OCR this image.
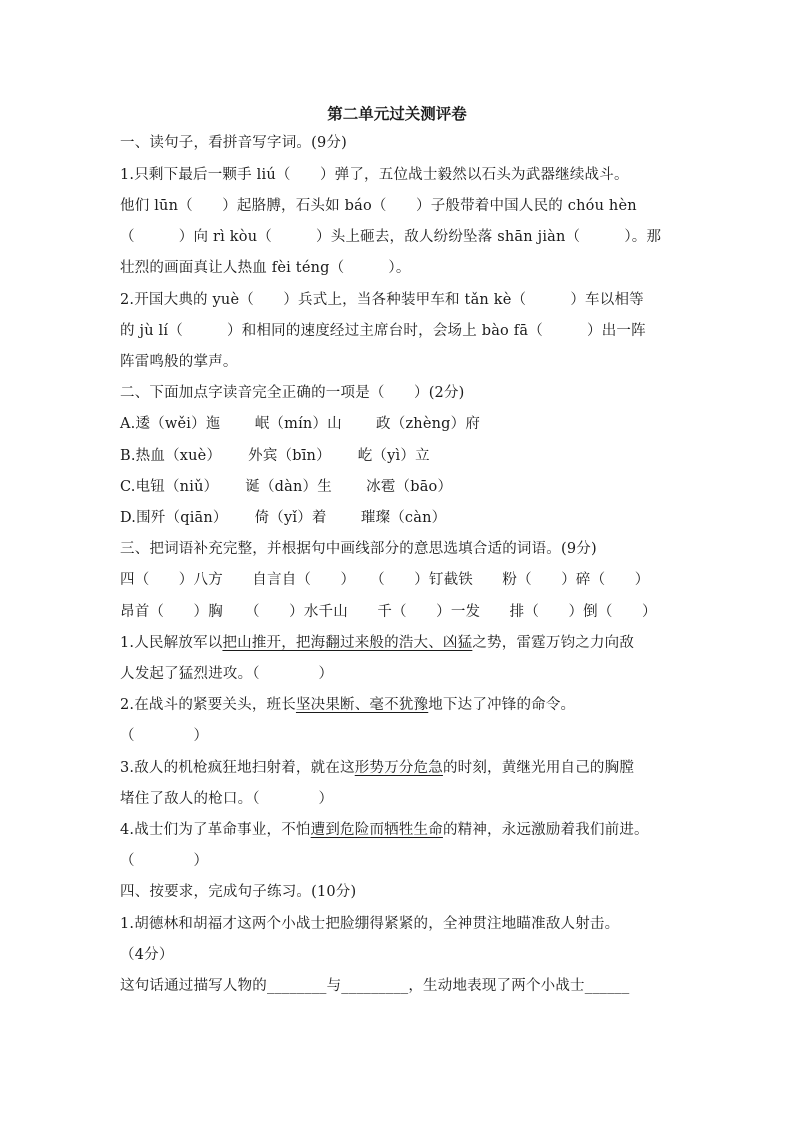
第二单元过关测评卷
一、读句子，看拼音写字词。(9分)
1.只剩下最后一颗手 liú（　　）弹了，五位战士毅然以石头为武器继续战斗。
他们 lūn（　　）起胳膊，石头如 báo（　　）子般带着中国人民的 chóu hèn
（　　　）向 rì kòu（　　　）头上砸去，敌人纷纷坠落 shān jiàn（　　　）。那
壮烈的画面真让人热血 fèi téng（　　　）。
2.开国大典的 yuè（　　）兵式上，当各种装甲车和 tǎn kè（　　　）车以相等
的 jù lí（　　　）和相同的速度经过主席台时，会场上 bào fā（　　　）出一阵
阵雷鸣般的掌声。
二、下面加点字读音完全正确的一项是（　　）(2分)
A.逶（wěi）迤　　 岷（mín）山　　 政（zhèng）府
B.热血（xuè）　　 外宾（bīn）　　 屹（yì）立
C.电钮（niǔ）　　 诞（dàn）生　　 冰雹（bāo）
D.围歼（qiān）　　 倚（yǐ）着　　 璀璨（càn）
三、把词语补充完整，并根据句中画线部分的意思选填合适的词语。(9分)
四（　　）八方　　自言自（　　）　　（　　）钉截铁　　粉（　　）碎（　　）
昂首（　　）胸　　（　　）水千山　　千（　　）一发　　排（　　）倒（　　）
1.人民解放军以把山推开，把海翻过来般的浩大、凶猛之势，雷霆万钧之力向敌
人发起了猛烈进攻。（　　　　）
2.在战斗的紧要关头，班长坚决果断、毫不犹豫地下达了冲锋的命令。
（　　　　）
3.敌人的机枪疯狂地扫射着，就在这形势万分危急的时刻，黄继光用自己的胸膛
堵住了敌人的枪口。（　　　　）
4.战士们为了革命事业，不怕遭到危险而牺牲生命的精神，永远激励着我们前进。
（　　　　）
四、按要求，完成句子练习。(10分)
1.胡德林和胡福才这两个小战士把脸绷得紧紧的，全神贯注地瞄准敌人射击。
（4分）
这句话通过描写人物的________与_________，生动地表现了两个小战士______
